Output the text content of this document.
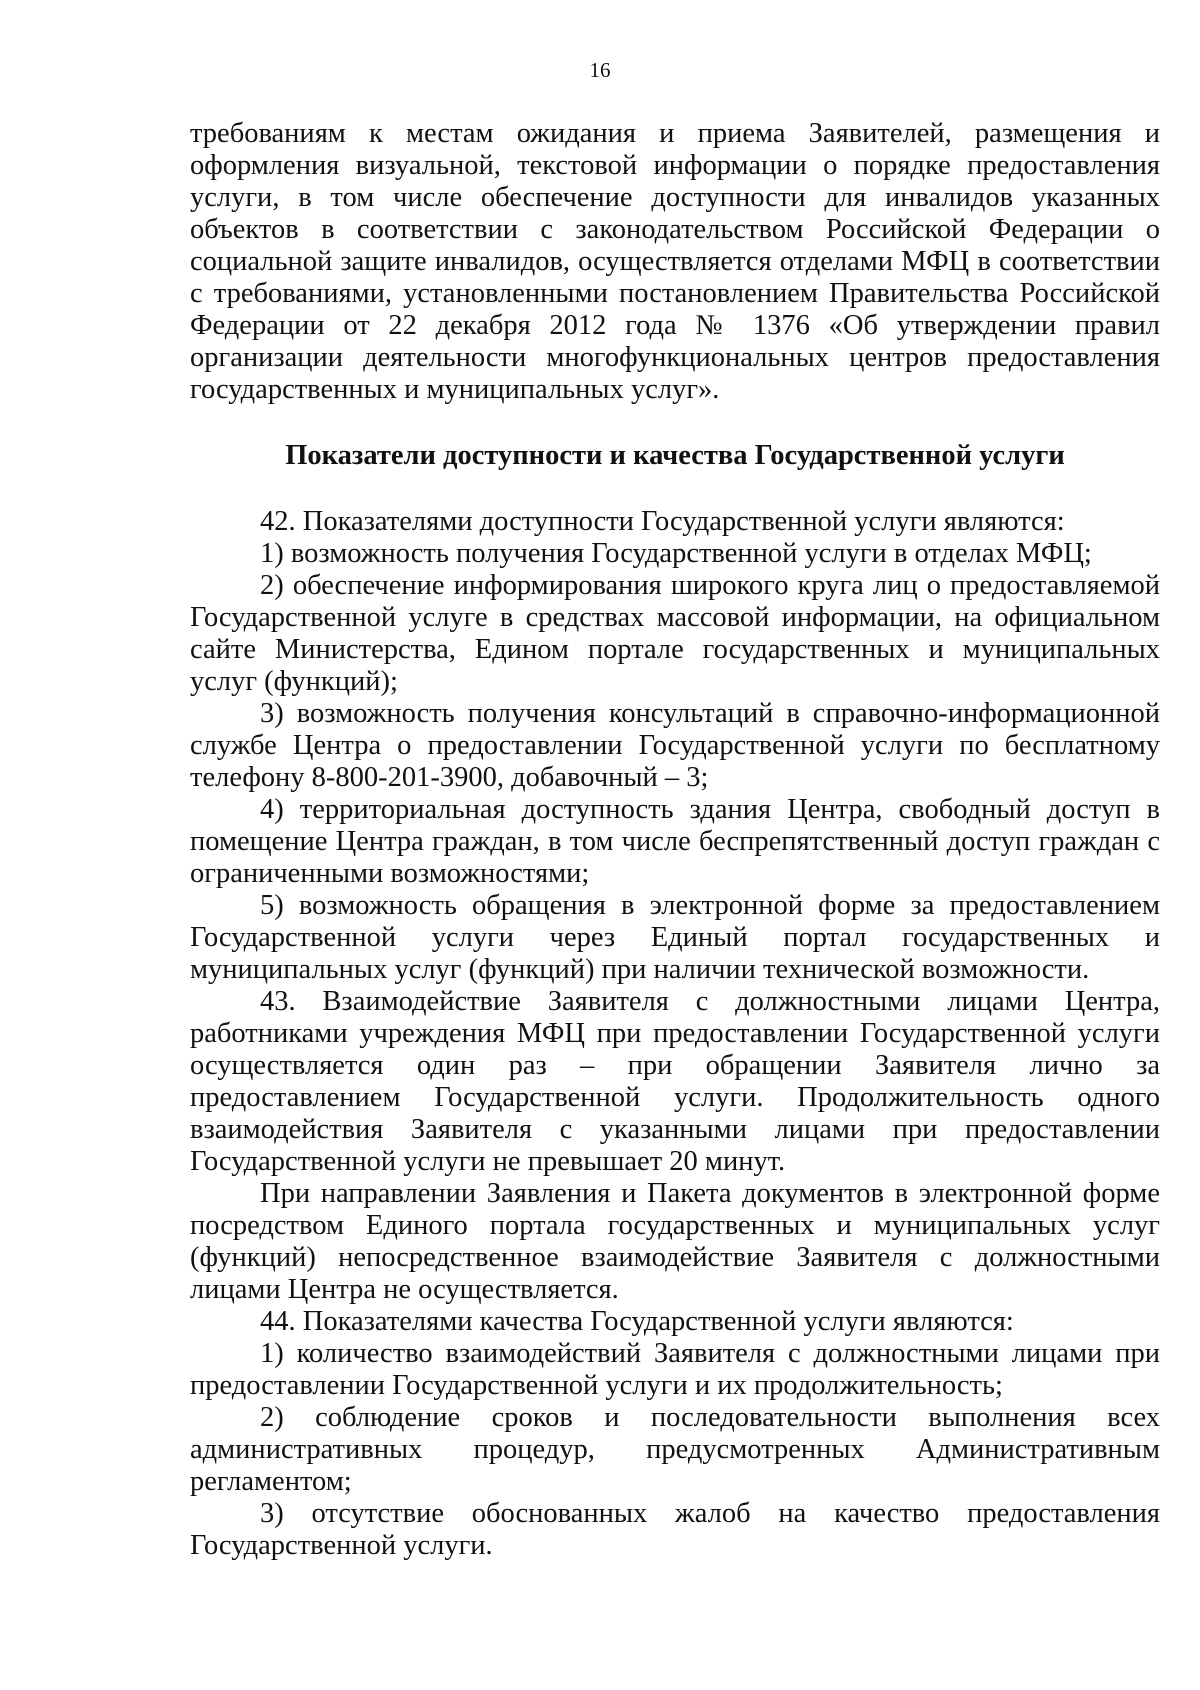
16

требованиям к местам ожидания и приема Заявителей, размещения и оформления визуальной, текстовой информации о порядке предоставления услуги, в том числе обеспечение доступности для инвалидов указанных объектов в соответствии с законодательством Российской Федерации о социальной защите инвалидов, осуществляется отделами МФЦ в соответствии с требованиями, установленными постановлением Правительства Российской Федерации от 22 декабря 2012 года № 1376 «Об утверждении правил организации деятельности многофункциональных центров предоставления государственных и муниципальных услуг».

Показатели доступности и качества Государственной услуги

42. Показателями доступности Государственной услуги являются:

1) возможность получения Государственной услуги в отделах МФЦ;

2) обеспечение информирования широкого круга лиц о предоставляемой Государственной услуге в средствах массовой информации, на официальном сайте Министерства, Едином портале государственных и муниципальных услуг (функций);

3) возможность получения консультаций в справочно-информационной службе Центра о предоставлении Государственной услуги по бесплатному телефону 8-800-201-3900, добавочный – 3;

4) территориальная доступность здания Центра, свободный доступ в помещение Центра граждан, в том числе беспрепятственный доступ граждан с ограниченными возможностями;

5) возможность обращения в электронной форме за предоставлением Государственной услуги через Единый портал государственных и муниципальных услуг (функций) при наличии технической возможности.

43. Взаимодействие Заявителя с должностными лицами Центра, работниками учреждения МФЦ при предоставлении Государственной услуги осуществляется один раз – при обращении Заявителя лично за предоставлением Государственной услуги. Продолжительность одного взаимодействия Заявителя с указанными лицами при предоставлении Государственной услуги не превышает 20 минут.

При направлении Заявления и Пакета документов в электронной форме посредством Единого портала государственных и муниципальных услуг (функций) непосредственное взаимодействие Заявителя с должностными лицами Центра не осуществляется.

44. Показателями качества Государственной услуги являются:

1) количество взаимодействий Заявителя с должностными лицами при предоставлении Государственной услуги и их продолжительность;

2) соблюдение сроков и последовательности выполнения всех административных процедур, предусмотренных Административным регламентом;

3) отсутствие обоснованных жалоб на качество предоставления Государственной услуги.
